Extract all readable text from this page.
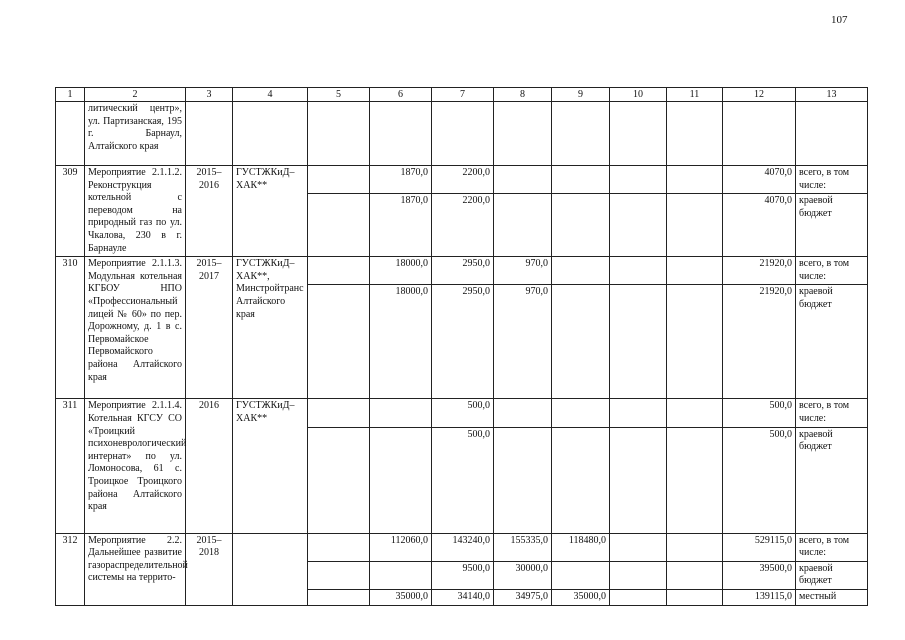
107
1	2	3	4	5	6	7	8	9	10	11	12	13
	литический центр», ул. Партизанская, 195 г. Барнаул, Алтайского края											
309	Мероприятие 2.1.1.2. Реконструкция котельной с переводом на природный газ по ул. Чкалова, 230 в г. Барнауле	2015–2016	ГУСТЖКиД–ХАК**		1870,0	2200,0					4070,0	всего, в том числе:
					1870,0	2200,0					4070,0	краевой бюджет
310	Мероприятие 2.1.1.3. Модульная котельная КГБОУ НПО «Профессиональный лицей № 60» по пер. Дорожному, д. 1 в с. Первомайское Первомайского района Алтайского края	2015–2017	ГУСТЖКиД–ХАК**, Минстройтранс Алтайского края		18000,0	2950,0	970,0				21920,0	всего, в том числе:
					18000,0	2950,0	970,0				21920,0	краевой бюджет
311	Мероприятие 2.1.1.4. Котельная КГСУ СО «Троицкий психоневрологический интернат» по ул. Ломоносова, 61 с. Троицкое Троицкого района Алтайского края	2016	ГУСТЖКиД–ХАК**			500,0					500,0	всего, в том числе:
						500,0					500,0	краевой бюджет
312	Мероприятие 2.2. Дальнейшее развитие газораспределительной системы на террито-	2015–2018			112060,0	143240,0	155335,0	118480,0			529115,0	всего, в том числе:
						9500,0	30000,0				39500,0	краевой бюджет
					35000,0	34140,0	34975,0	35000,0			139115,0	местный
